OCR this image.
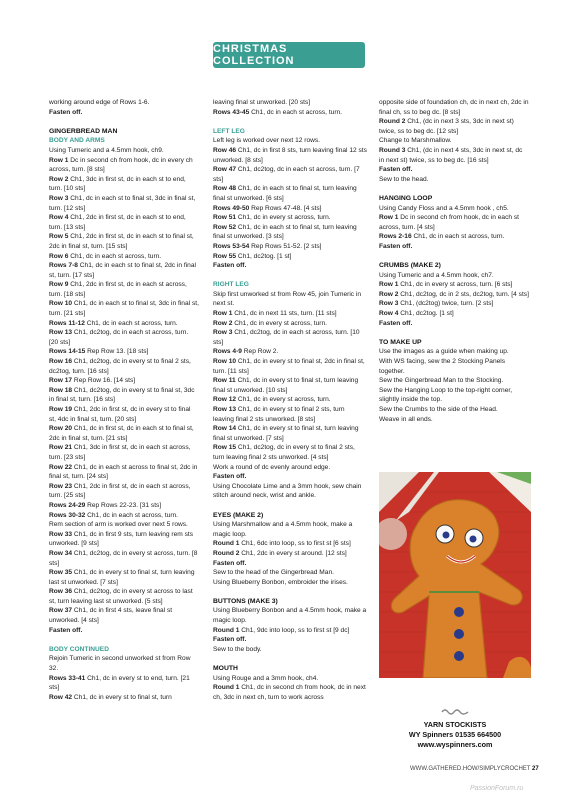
CHRISTMAS COLLECTION

working around edge of Rows 1-6.

Fasten off.

GINGERBREAD MAN
BODY AND ARMS

Using Tumeric and a 4.5mm hook, ch9.

Row 1 Dc in second ch from hook, dc in every ch across, turn. [8 sts]

Row 2 Ch1, 3dc in first st, dc in each st to end, turn. [10 sts]

Row 3 Ch1, dc in each st to final st, 3dc in final st, turn. [12 sts]

Row 4 Ch1, 2dc in first st, dc in each st to end, turn. [13 sts]

Row 5 Ch1, 2dc in first st, dc in each st to final st, 2dc in final st, turn. [15 sts]

Row 6 Ch1, dc in each st across, turn.

Rows 7-8 Ch1, dc in each st to final st, 2dc in final st, turn. [17 sts]

Row 9 Ch1, 2dc in first st, dc in each st across, turn. [18 sts]

Row 10 Ch1, dc in each st to final st, 3dc in final st, turn. [21 sts]

Rows 11-12 Ch1, dc in each st across, turn.

Row 13 Ch1, dc2tog, dc in each st across, turn. [20 sts]

Rows 14-15 Rep Row 13. [18 sts]

Row 16 Ch1, dc2tog, dc in every st to final 2 sts, dc2tog, turn. [16 sts]

Row 17 Rep Row 16. [14 sts]

Row 18 Ch1, dc2tog, dc in every st to final st, 3dc in final st, turn. [16 sts]

Row 19 Ch1, 2dc in first st, dc in every st to final st, 4dc in final st, turn. [20 sts]

Row 20 Ch1, dc in first st, dc in each st to final st, 2dc in final st, turn. [21 sts]

Row 21 Ch1, 3dc in first st, dc in each st across, turn. [23 sts]

Row 22 Ch1, dc in each st across to final st, 2dc in final st, turn. [24 sts]

Row 23 Ch1, 2dc in first st, dc in each st across, turn. [25 sts]

Rows 24-29 Rep Rows 22-23. [31 sts]

Rows 30-32 Ch1, dc in each st across, turn.

Rem section of arm is worked over next 5 rows.

Row 33 Ch1, dc in first 9 sts, turn leaving rem sts unworked. [9 sts]

Row 34 Ch1, dc2tog, dc in every st across, turn. [8 sts]

Row 35 Ch1, dc in every st to final st, turn leaving last st unworked. [7 sts]

Row 36 Ch1, dc2tog, dc in every st across to last st, turn leaving last st unworked. [5 sts]

Row 37 Ch1, dc in first 4 sts, leave final st unworked. [4 sts]

Fasten off.

BODY CONTINUED

Rejoin Tumeric in second unworked st from Row 32.

Rows 33-41 Ch1, dc in every st to end, turn. [21 sts]

Row 42 Ch1, dc in every st to final st, turn

leaving final st unworked. [20 sts]

Rows 43-45 Ch1, dc in each st across, turn.

LEFT LEG

Left leg is worked over next 12 rows.

Row 46 Ch1, dc in first 8 sts, turn leaving final 12 sts unworked. [8 sts]

Row 47 Ch1, dc2tog, dc in each st across, turn. [7 sts]

Row 48 Ch1, dc in each st to final st, turn leaving final st unworked. [6 sts]

Rows 49-50 Rep Rows 47-48. [4 sts]

Row 51 Ch1, dc in every st across, turn.

Row 52 Ch1, dc in each st to final st, turn leaving final st unworked. [3 sts]

Rows 53-54 Rep Rows 51-52. [2 sts]

Row 55 Ch1, dc2tog. [1 st]

Fasten off.

RIGHT LEG

Skip first unworked st from Row 45, join Tumeric in next st.

Row 1 Ch1, dc in next 11 sts, turn. [11 sts]

Row 2 Ch1, dc in every st across, turn.

Row 3 Ch1, dc2tog, dc in each st across, turn. [10 sts]

Rows 4-9 Rep Row 2.

Row 10 Ch1, dc in every st to final st, 2dc in final st, turn. [11 sts]

Row 11 Ch1, dc in every st to final st, turn leaving final st unworked. [10 sts]

Row 12 Ch1, dc in every st across, turn.

Row 13 Ch1, dc in every st to final 2 sts, turn leaving final 2 sts unworked. [8 sts]

Row 14 Ch1, dc in every st to final st, turn leaving final st unworked. [7 sts]

Row 15 Ch1, dc2tog, dc in every st to final 2 sts, turn leaving final 2 sts unworked. [4 sts]

Work a round of dc evenly around edge.

Fasten off.

Using Chocolate Lime and a 3mm hook, sew chain stitch around neck, wrist and ankle.

EYES (MAKE 2)

Using Marshmallow and a 4.5mm hook, make a magic loop.

Round 1 Ch1, 6dc into loop, ss to first st [6 sts]

Round 2 Ch1, 2dc in every st around. [12 sts]

Fasten off.

Sew to the head of the Gingerbread Man.

Using Blueberry Bonbon, embroider the irises.

BUTTONS (MAKE 3)

Using Blueberry Bonbon and a 4.5mm hook, make a magic loop.

Round 1 Ch1, 9dc into loop, ss to first st [9 dc]

Fasten off.

Sew to the body.

MOUTH

Using Rouge and a 3mm hook, ch4.

Round 1 Ch1, dc in second ch from hook, dc in next ch, 3dc in next ch, turn to work across

opposite side of foundation ch, dc in next ch, 2dc in final ch, ss to beg dc. [8 sts]

Round 2 Ch1, (dc in next 3 sts, 3dc in next st) twice, ss to beg dc. [12 sts]

Change to Marshmallow.

Round 3 Ch1, (dc in next 4 sts, 3dc in next st, dc in next st) twice, ss to beg dc. [16 sts]

Fasten off.

Sew to the head.

HANGING LOOP

Using Candy Floss and a 4.5mm hook , ch5.

Row 1 Dc in second ch from hook, dc in each st across, turn. [4 sts]

Rows 2-16 Ch1, dc in each st across, turn.

Fasten off.

CRUMBS (MAKE 2)

Using Tumeric and a 4.5mm hook, ch7.

Row 1 Ch1, dc in every st across, turn. [6 sts]

Row 2 Ch1, dc2tog, dc in 2 sts, dc2tog, turn. [4 sts]

Row 3 Ch1, (dc2tog) twice, turn. [2 sts]

Row 4 Ch1, dc2tog. [1 st]

Fasten off.

TO MAKE UP

Use the images as a guide when making up.

With WS facing, sew the 2 Stocking Panels together.

Sew the Gingerbread Man to the Stocking.

Sew the Hanging Loop to the top-right corner, slightly inside the top.

Sew the Crumbs to the side of the Head.

Weave in all ends.

YARN STOCKISTS

WY Spinners 01535 664500

www.wyspinners.com

WWW.GATHERED.HOW/SIMPLYCROCHET 27
PassionForum.ru
